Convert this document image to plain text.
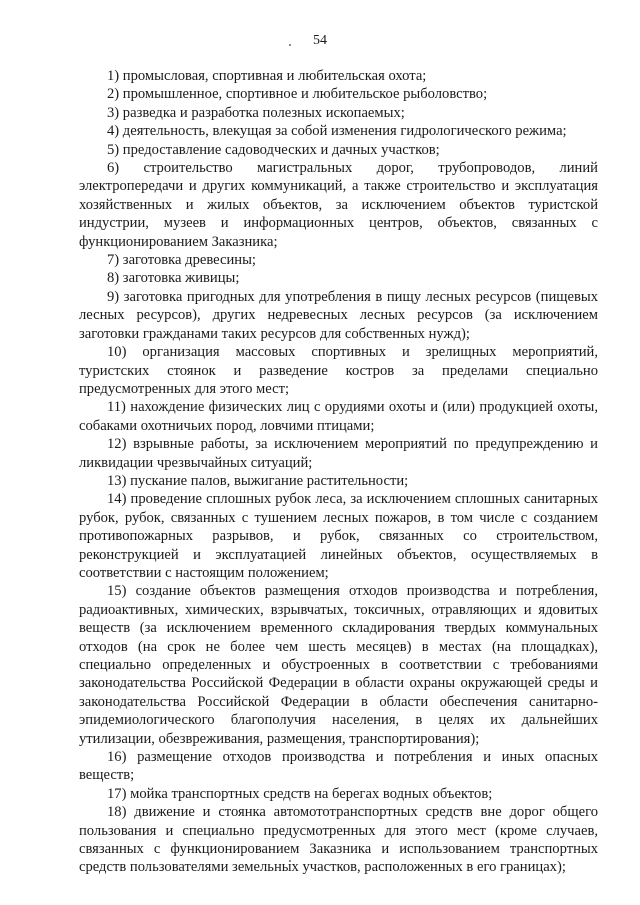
54

1) промысловая, спортивная и любительская охота;

2) промышленное, спортивное и любительское рыболовство;

3) разведка и разработка полезных ископаемых;

4) деятельность, влекущая за собой изменения гидрологического режима;

5) предоставление садоводческих и дачных участков;

6) строительство магистральных дорог, трубопроводов, линий электропередачи и других коммуникаций, а также строительство и эксплуатация хозяйственных и жилых объектов, за исключением объектов туристской индустрии, музеев и информационных центров, объектов, связанных с функционированием Заказника;

7) заготовка древесины;

8) заготовка живицы;

9) заготовка пригодных для употребления в пищу лесных ресурсов (пищевых лесных ресурсов), других недревесных лесных ресурсов (за исключением заготовки гражданами таких ресурсов для собственных нужд);

10) организация массовых спортивных и зрелищных мероприятий, туристских стоянок и разведение костров за пределами специально предусмотренных для этого мест;

11) нахождение физических лиц с орудиями охоты и (или) продукцией охоты, собаками охотничьих пород, ловчими птицами;

12) взрывные работы, за исключением мероприятий по предупреждению и ликвидации чрезвычайных ситуаций;

13) пускание палов, выжигание растительности;

14) проведение сплошных рубок леса, за исключением сплошных санитарных рубок, рубок, связанных с тушением лесных пожаров, в том числе с созданием противопожарных разрывов, и рубок, связанных со строительством, реконструкцией и эксплуатацией линейных объектов, осуществляемых в соответствии с настоящим положением;

15) создание объектов размещения отходов производства и потребления, радиоактивных, химических, взрывчатых, токсичных, отравляющих и ядовитых веществ (за исключением временного складирования твердых коммунальных отходов (на срок не более чем шесть месяцев) в местах (на площадках), специально определенных и обустроенных в соответствии с требованиями законодательства Российской Федерации в области охраны окружающей среды и законодательства Российской Федерации в области обеспечения санитарно-эпидемиологического благополучия населения, в целях их дальнейших утилизации, обезвреживания, размещения, транспортирования);

16) размещение отходов производства и потребления и иных опасных веществ;

17) мойка транспортных средств на берегах водных объектов;

18) движение и стоянка автомототранспортных средств вне дорог общего пользования и специально предусмотренных для этого мест (кроме случаев, связанных с функционированием Заказника и использованием транспортных средств пользователями земельных участков, расположенных в его границах);
